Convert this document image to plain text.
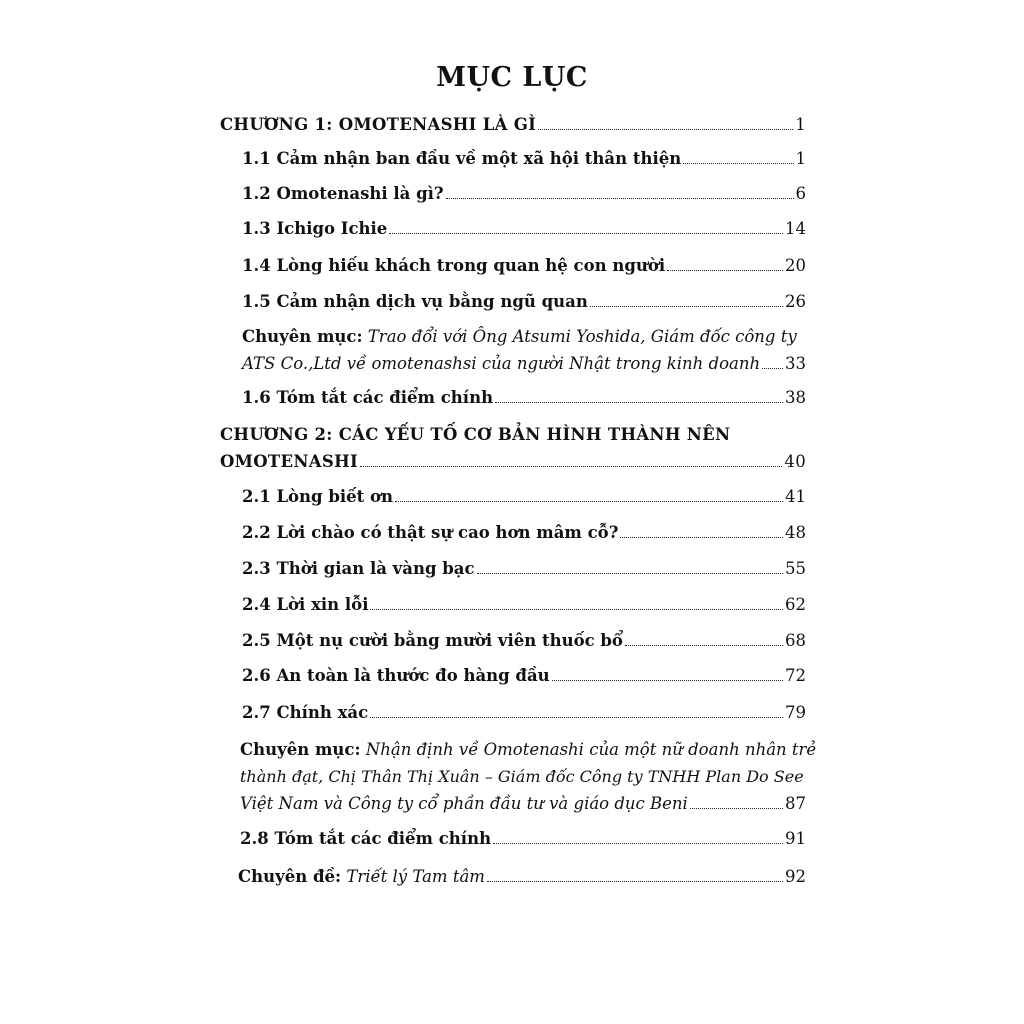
MỤC LỤC
CHƯƠNG 1: OMOTENASHI LÀ GÌ	1
1.1 Cảm nhận ban đầu về một xã hội thân thiện	1
1.2 Omotenashi là gì?	6
1.3 Ichigo Ichie	14
1.4 Lòng hiếu khách trong quan hệ con người	20
1.5 Cảm nhận dịch vụ bằng ngũ quan	26
Chuyên mục: Trao đổi với Ông Atsumi Yoshida, Giám đốc công ty
ATS Co.,Ltd về omotenashsi của người Nhật trong kinh doanh 33
1.6 Tóm tắt các điểm chính	38
CHƯƠNG 2: CÁC YẾU TỐ CƠ BẢN HÌNH THÀNH NÊN
OMOTENASHI	40
2.1 Lòng biết ơn	41
2.2 Lời chào có thật sự cao hơn mâm cỗ?	48
2.3 Thời gian là vàng bạc	55
2.4 Lời xin lỗi	62
2.5 Một nụ cười bằng mười viên thuốc bổ	68
2.6 An toàn là thước đo hàng đầu	72
2.7 Chính xác	79
Chuyên mục: Nhận định về Omotenashi của một nữ doanh nhân trẻ
thành đạt, Chị Thân Thị Xuân – Giám đốc Công ty TNHH Plan Do See
Việt Nam và Công ty cổ phần đầu tư và giáo dục Beni	87
2.8 Tóm tắt các điểm chính	91
Chuyên đề: Triết lý Tam tâm	92
